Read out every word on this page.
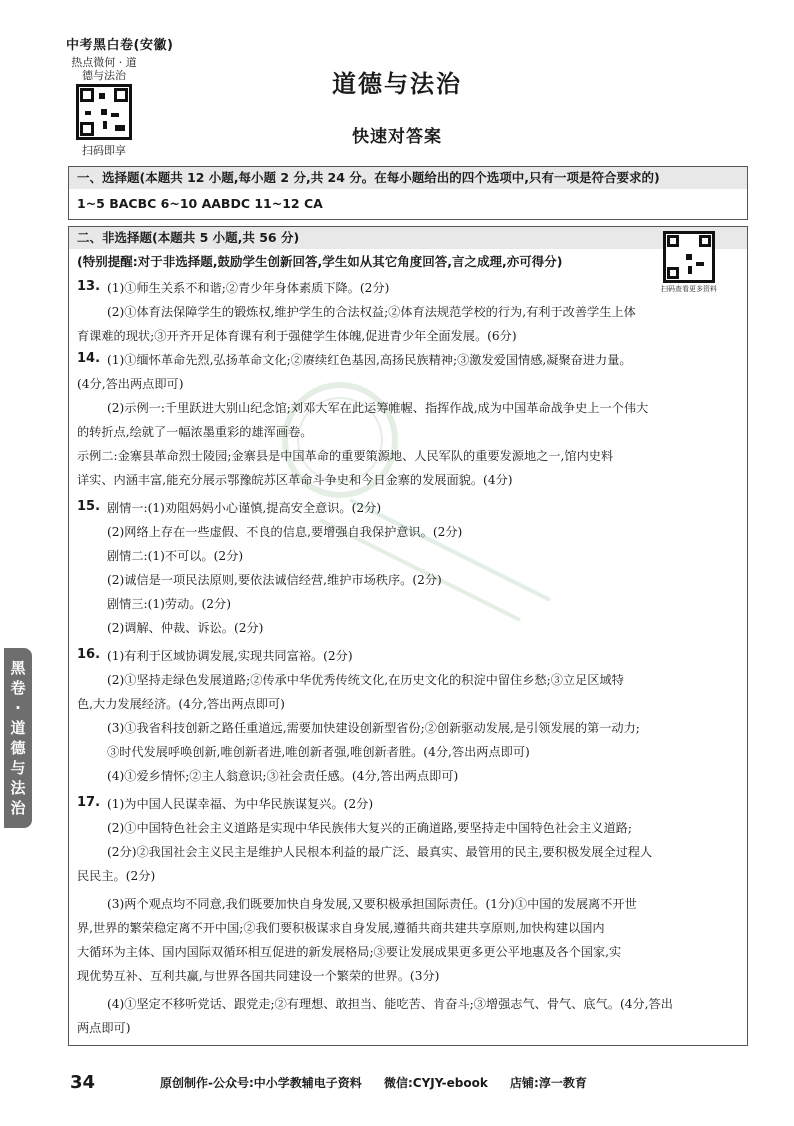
中考黑白卷(安徽)
热点微何 · 道
德与法治
扫码即享
道德与法治
快速对答案
一、选择题(本题共 12 小题,每小题 2 分,共 24 分。在每小题给出的四个选项中,只有一项是符合要求的)
1~5 BACBC 6~10 AABDC 11~12 CA
二、非选择题(本题共 5 小题,共 56 分)
(特别提醒:对于非选择题,鼓励学生创新回答,学生如从其它角度回答,言之成理,亦可得分)
扫码查看更多资料
13. (1)①师生关系不和谐;②青少年身体素质下降。(2分)
(2)①体育法保障学生的锻炼权,维护学生的合法权益;②体育法规范学校的行为,有利于改善学生上体
育课难的现状;③开齐开足体育课有利于强健学生体魄,促进青少年全面发展。(6分)
14. (1)①缅怀革命先烈,弘扬革命文化;②赓续红色基因,高扬民族精神;③激发爱国情感,凝聚奋进力量。
(4分,答出两点即可)
(2)示例一:千里跃进大别山纪念馆;刘邓大军在此运筹帷幄、指挥作战,成为中国革命战争史上一个伟大
的转折点,绘就了一幅浓墨重彩的雄浑画卷。
示例二:金寨县革命烈士陵园;金寨县是中国革命的重要策源地、人民军队的重要发源地之一,馆内史料
详实、内涵丰富,能充分展示鄂豫皖苏区革命斗争史和今日金寨的发展面貌。(4分)
15. 剧情一:(1)劝阻妈妈小心谨慎,提高安全意识。(2分)
(2)网络上存在一些虚假、不良的信息,要增强自我保护意识。(2分)
剧情二:(1)不可以。(2分)
(2)诚信是一项民法原则,要依法诚信经营,维护市场秩序。(2分)
剧情三:(1)劳动。(2分)
(2)调解、仲裁、诉讼。(2分)
16. (1)有利于区域协调发展,实现共同富裕。(2分)
(2)①坚持走绿色发展道路;②传承中华优秀传统文化,在历史文化的积淀中留住乡愁;③立足区域特
色,大力发展经济。(4分,答出两点即可)
(3)①我省科技创新之路任重道远,需要加快建设创新型省份;②创新驱动发展,是引领发展的第一动力;
③时代发展呼唤创新,唯创新者进,唯创新者强,唯创新者胜。(4分,答出两点即可)
(4)①爱乡情怀;②主人翁意识;③社会责任感。(4分,答出两点即可)
17. (1)为中国人民谋幸福、为中华民族谋复兴。(2分)
(2)①中国特色社会主义道路是实现中华民族伟大复兴的正确道路,要坚持走中国特色社会主义道路;
(2分)②我国社会主义民主是维护人民根本利益的最广泛、最真实、最管用的民主,要积极发展全过程人
民民主。(2分)
(3)两个观点均不同意,我们既要加快自身发展,又要积极承担国际责任。(1分)①中国的发展离不开世
界,世界的繁荣稳定离不开中国;②我们要积极谋求自身发展,遵循共商共建共享原则,加快构建以国内
大循环为主体、国内国际双循环相互促进的新发展格局;③要让发展成果更多更公平地惠及各个国家,实
现优势互补、互利共赢,与世界各国共同建设一个繁荣的世界。(3分)
(4)①坚定不移听党话、跟党走;②有理想、敢担当、能吃苦、肯奋斗;③增强志气、骨气、底气。(4分,答出
两点即可)
黑卷·道德与法治
34	原创制作-公众号:中小学教辅电子资料 微信:CYJY-ebook 店铺:淳一教育
